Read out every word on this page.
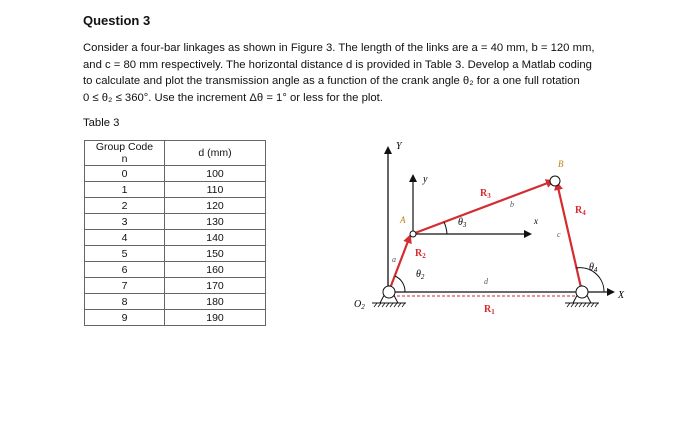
Question 3
Consider a four-bar linkages as shown in Figure 3. The length of the links are a = 40 mm, b = 120 mm,
and c = 80 mm respectively. The horizontal distance d is provided in Table 3. Develop a Matlab coding
to calculate and plot the transmission angle as a function of the crank angle θ₂ for a one full rotation
0 ≤ θ₂ ≤ 360°. Use the increment Δθ = 1° or less for the plot.
Table 3
Group Code
n	d (mm)
0	100
1	110
2	120
3	130
4	140
5	150
6	160
7	170
8	180
9	190
Y
y
X
x
A
B
a
b
c
d
$R_1$
$R_2$
$R_3$
$R_4$
$\theta_2$
$\theta_3$
$\theta_4$
$O_2$
